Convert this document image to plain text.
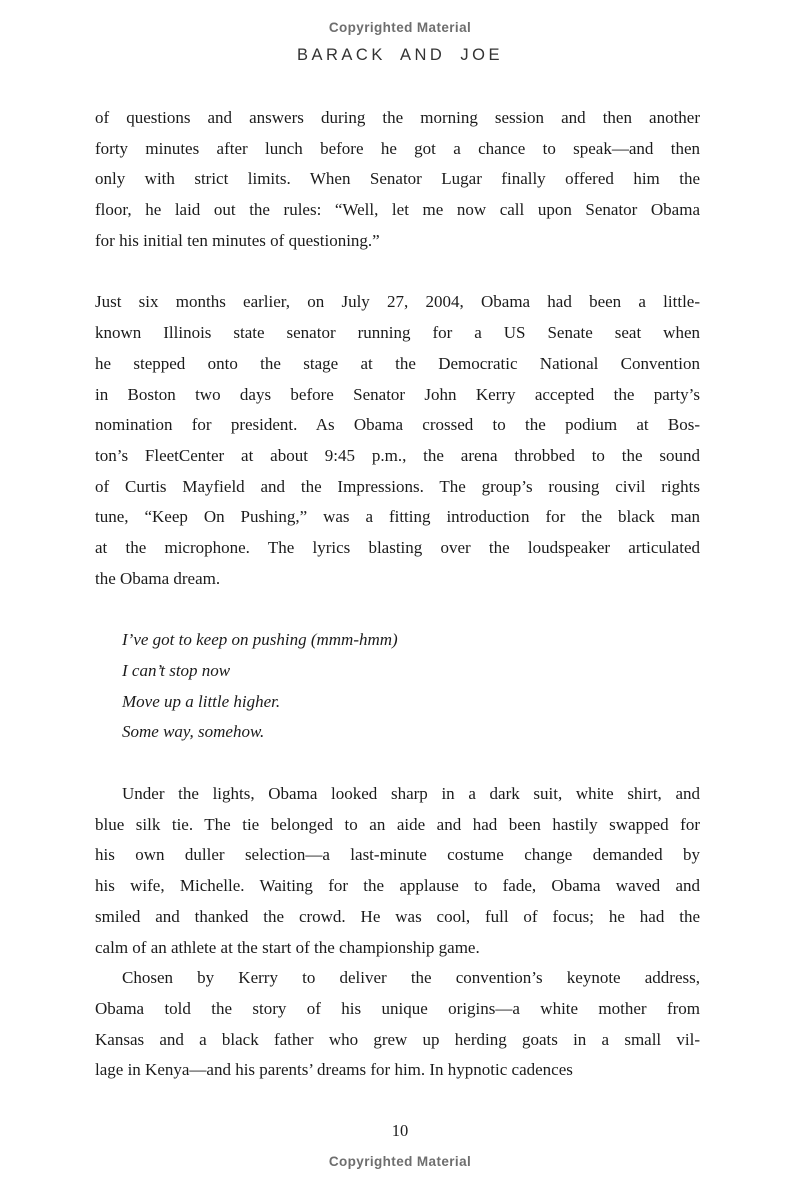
Copyrighted Material
BARACK AND JOE
of questions and answers during the morning session and then another
forty minutes after lunch before he got a chance to speak—and then
only with strict limits. When Senator Lugar finally offered him the
floor, he laid out the rules: “Well, let me now call upon Senator Obama
for his initial ten minutes of questioning.”
Just six months earlier, on July 27, 2004, Obama had been a little-
known Illinois state senator running for a US Senate seat when
he stepped onto the stage at the Democratic National Convention
in Boston two days before Senator John Kerry accepted the party’s
nomination for president. As Obama crossed to the podium at Bos-
ton’s FleetCenter at about 9:45 p.m., the arena throbbed to the sound
of Curtis Mayfield and the Impressions. The group’s rousing civil rights
tune, “Keep On Pushing,” was a fitting introduction for the black man
at the microphone. The lyrics blasting over the loudspeaker articulated
the Obama dream.
I’ve got to keep on pushing (mmm-hmm)
I can’t stop now
Move up a little higher.
Some way, somehow.
Under the lights, Obama looked sharp in a dark suit, white shirt, and
blue silk tie. The tie belonged to an aide and had been hastily swapped for
his own duller selection—a last-minute costume change demanded by
his wife, Michelle. Waiting for the applause to fade, Obama waved and
smiled and thanked the crowd. He was cool, full of focus; he had the
calm of an athlete at the start of the championship game.
Chosen by Kerry to deliver the convention’s keynote address,
Obama told the story of his unique origins—a white mother from
Kansas and a black father who grew up herding goats in a small vil-
lage in Kenya—and his parents’ dreams for him. In hypnotic cadences
10
Copyrighted Material
